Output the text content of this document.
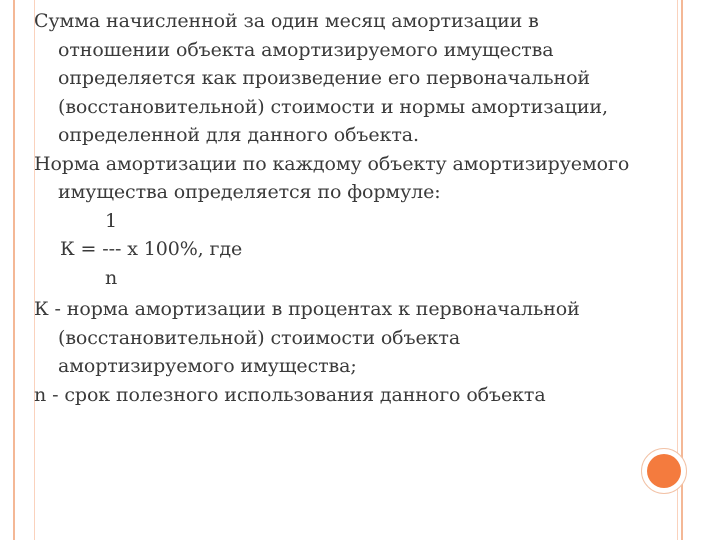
Сумма начисленной за один месяц амортизации в отношении объекта амортизируемого имущества определяется как произведение его первоначальной (восстановительной) стоимости и нормы амортизации, определенной для данного объекта.

Норма амортизации по каждому объекту амортизируемого имущества определяется по формуле:

1

К = --- х 100%, где

n

К - норма амортизации в процентах к первоначальной (восстановительной) стоимости объекта амортизируемого имущества;

n - срок полезного использования данного объекта
